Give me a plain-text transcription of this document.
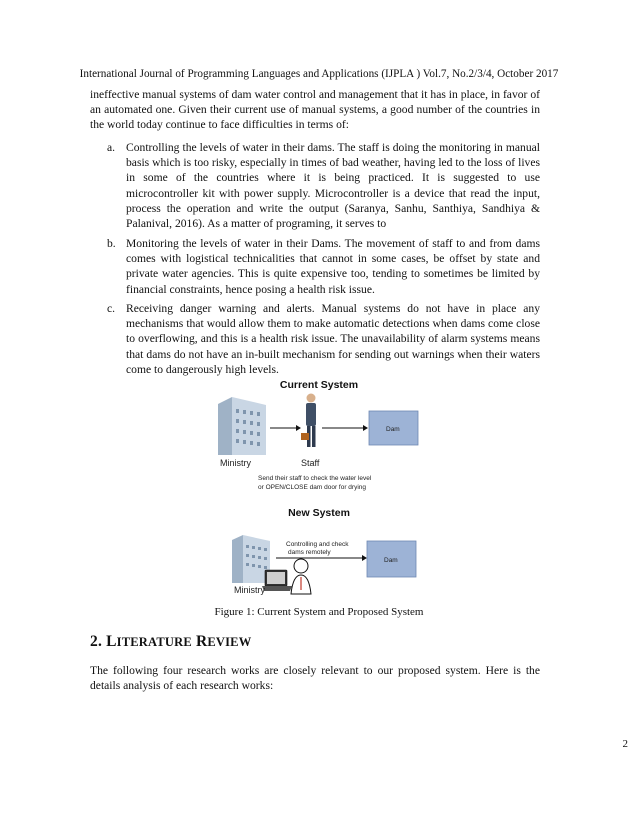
International Journal of Programming Languages and Applications (IJPLA ) Vol.7, No.2/3/4, October 2017
ineffective manual systems of dam water control and management that it has in place, in favor of an automated one. Given their current use of manual systems, a good number of the countries in the world today continue to face difficulties in terms of:
a. Controlling the levels of water in their dams. The staff is doing the monitoring in manual basis which is too risky, especially in times of bad weather, having led to the loss of lives in some of the countries where it is being practiced. It is suggested to use microcontroller kit with power supply. Microcontroller is a device that read the input, process the operation and write the output (Saranya, Sanhu, Santhiya, Sandhiya & Palanival, 2016). As a matter of programing, it serves to
b. Monitoring the levels of water in their Dams. The movement of staff to and from dams comes with logistical technicalities that cannot in some cases, be offset by state and private water agencies. This is quite expensive too, tending to sometimes be limited by financial constraints, hence posing a health risk issue.
c. Receiving danger warning and alerts. Manual systems do not have in place any mechanisms that would allow them to make automatic detections when dams come close to overflowing, and this is a health risk issue. The unavailability of alarm systems means that dams do not have an in-built mechanism for sending out warnings when their waters come to dangerously high levels.
Current System
New System
Ministry	Staff
Dam
Send their staff to check the water level
or OPEN/CLOSE dam door for drying
Ministry
Controlling and check
dams remotely
Dam
Figure 1: Current System and Proposed System
2. LITERATURE REVIEW
The following four research works are closely relevant to our proposed system. Here is the details analysis of each research works:
2
